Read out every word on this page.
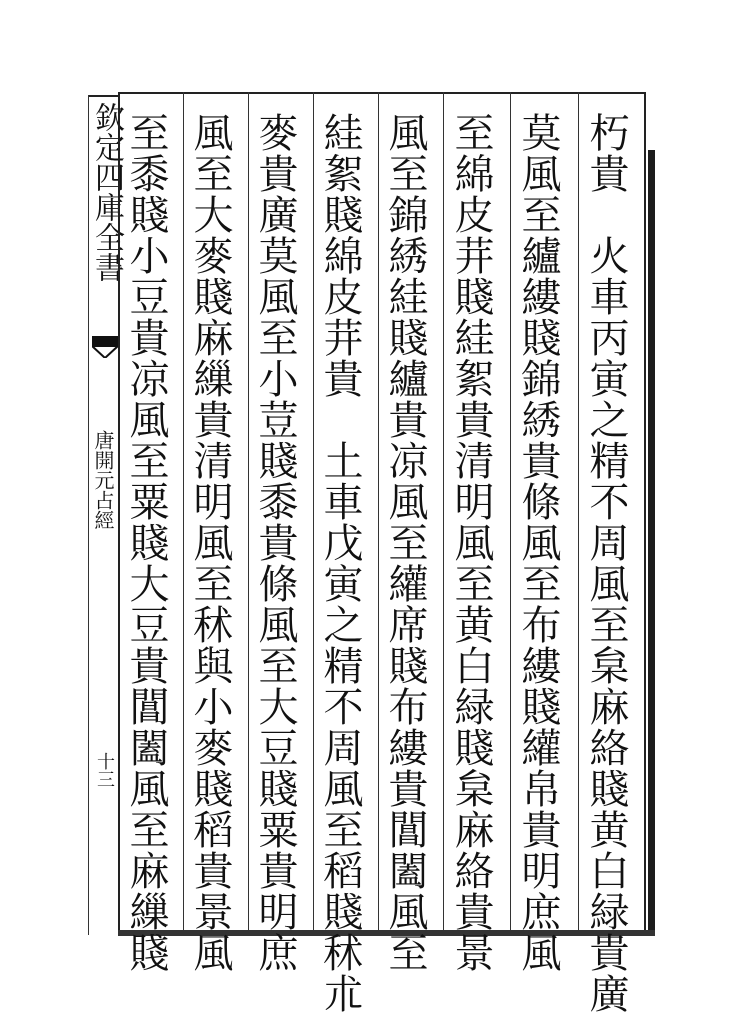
欽定四庫全書
唐開元占經
十三	朽貴　火車丙寅之精不周風至枲麻絡賤黄白緑貴廣
莫風至纑縷賤錦綉貴條風至布縷賤䌯帛貴明庶風
至綿皮茾賤絓絮貴清明風至黄白緑賤枲麻絡貴景
風至錦綉絓賤纑貴凉風至䌯席賤布縷貴閶闔風至
絓絮賤綿皮茾貴　土車戊寅之精不周風至稻賤秫朮
麥貴廣莫風至小荳賤黍貴條風至大豆賤粟貴明庶
風至大麥賤麻繅貴清明風至秫與小麥賤稻貴景風
至黍賤小豆貴凉風至粟賤大豆貴閶闔風至麻繅賤
